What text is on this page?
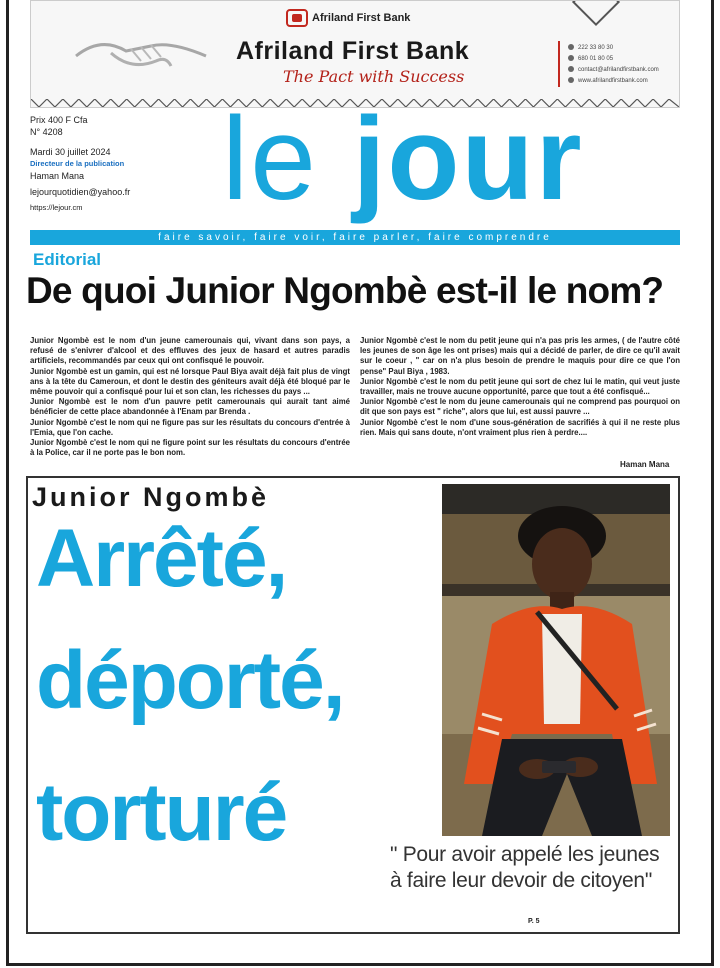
Afriland First Bank
Afriland First Bank
The Pact with Success
222 33 80 30
680 01 80 05
contact@afrilandfirstbank.com
www.afrilandfirstbank.com
Prix 400 F Cfa
N° 4208
Mardi 30 juillet 2024
Directeur de la publication
Haman Mana
lejourquotidien@yahoo.fr
https://lejour.cm	le jour
faire savoir, faire voir, faire parler, faire comprendre
Editorial
De quoi Junior Ngombè est-il le nom?

Junior Ngombè est le nom d'un jeune camerounais qui, vivant dans son pays, a refusé de s'enivrer d'alcool et des effluves des jeux de hasard et autres paradis artificiels, recommandés par ceux qui ont confisqué le pouvoir.

Junior Ngombè est un gamin, qui est né lorsque Paul Biya avait déjà fait plus de vingt ans à la tête du Cameroun, et dont le destin des géniteurs avait déjà été bloqué par le même pouvoir qui a confisqué pour lui et son clan, les richesses du pays ...

Junior Ngombè est le nom d'un pauvre petit camerounais qui aurait tant aimé bénéficier de cette place abandonnée à l'Enam par Brenda .

Junior Ngombè c'est le nom qui ne figure pas sur les résultats du concours d'entrée à l'Emia, que l'on cache.

Junior Ngombè c'est le nom qui ne figure point sur les résultats du concours d'entrée à la Police, car il ne porte pas le bon nom.

Junior Ngombè c'est le nom du petit jeune qui n'a pas pris les armes, ( de l'autre côté les jeunes de son âge les ont prises) mais qui a décidé de parler, de dire ce qu'il avait sur le coeur , " car on n'a plus besoin de prendre le maquis pour dire ce que l'on pense" Paul Biya , 1983.

Junior Ngombè c'est le nom du petit jeune qui sort de chez lui le matin, qui veut juste travailler, mais ne trouve aucune opportunité, parce que tout a été confisqué...

Junior Ngombè c'est le nom du jeune camerounais qui ne comprend pas pourquoi on dit que son pays est " riche", alors que lui, est aussi pauvre ...

Junior Ngombè c'est le nom d'une sous-génération de sacrifiés à qui il ne reste plus rien. Mais qui sans doute, n'ont vraiment plus rien à perdre....

Haman Mana
Junior Ngombè
Arrêté,
déporté,
torturé	" Pour avoir appelé les jeunes à faire leur devoir de citoyen"
P. 5
